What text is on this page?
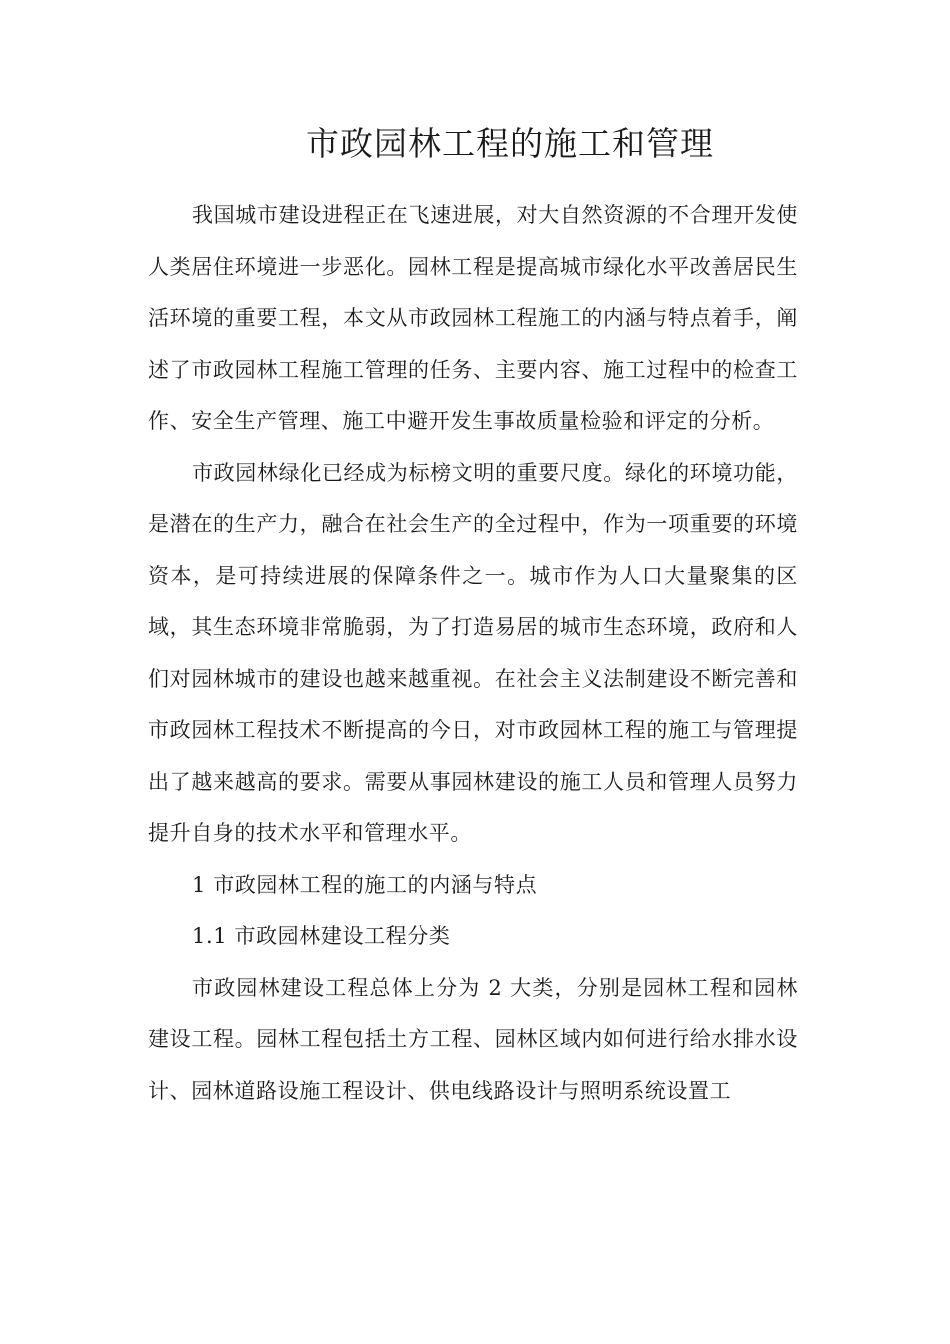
市政园林工程的施工和管理

我国城市建设进程正在飞速进展，对大自然资源的不合理开发使人类居住环境进一步恶化。园林工程是提高城市绿化水平改善居民生活环境的重要工程，本文从市政园林工程施工的内涵与特点着手，阐述了市政园林工程施工管理的任务、主要内容、施工过程中的检查工作、安全生产管理、施工中避开发生事故质量检验和评定的分析。

市政园林绿化已经成为标榜文明的重要尺度。绿化的环境功能，是潜在的生产力，融合在社会生产的全过程中，作为一项重要的环境资本，是可持续进展的保障条件之一。城市作为人口大量聚集的区域，其生态环境非常脆弱，为了打造易居的城市生态环境，政府和人们对园林城市的建设也越来越重视。在社会主义法制建设不断完善和市政园林工程技术不断提高的今日，对市政园林工程的施工与管理提出了越来越高的要求。需要从事园林建设的施工人员和管理人员努力提升自身的技术水平和管理水平。

1 市政园林工程的施工的内涵与特点

1.1 市政园林建设工程分类

市政园林建设工程总体上分为 2 大类，分别是园林工程和园林建设工程。园林工程包括土方工程、园林区域内如何进行给水排水设计、园林道路设施工程设计、供电线路设计与照明系统设置工
